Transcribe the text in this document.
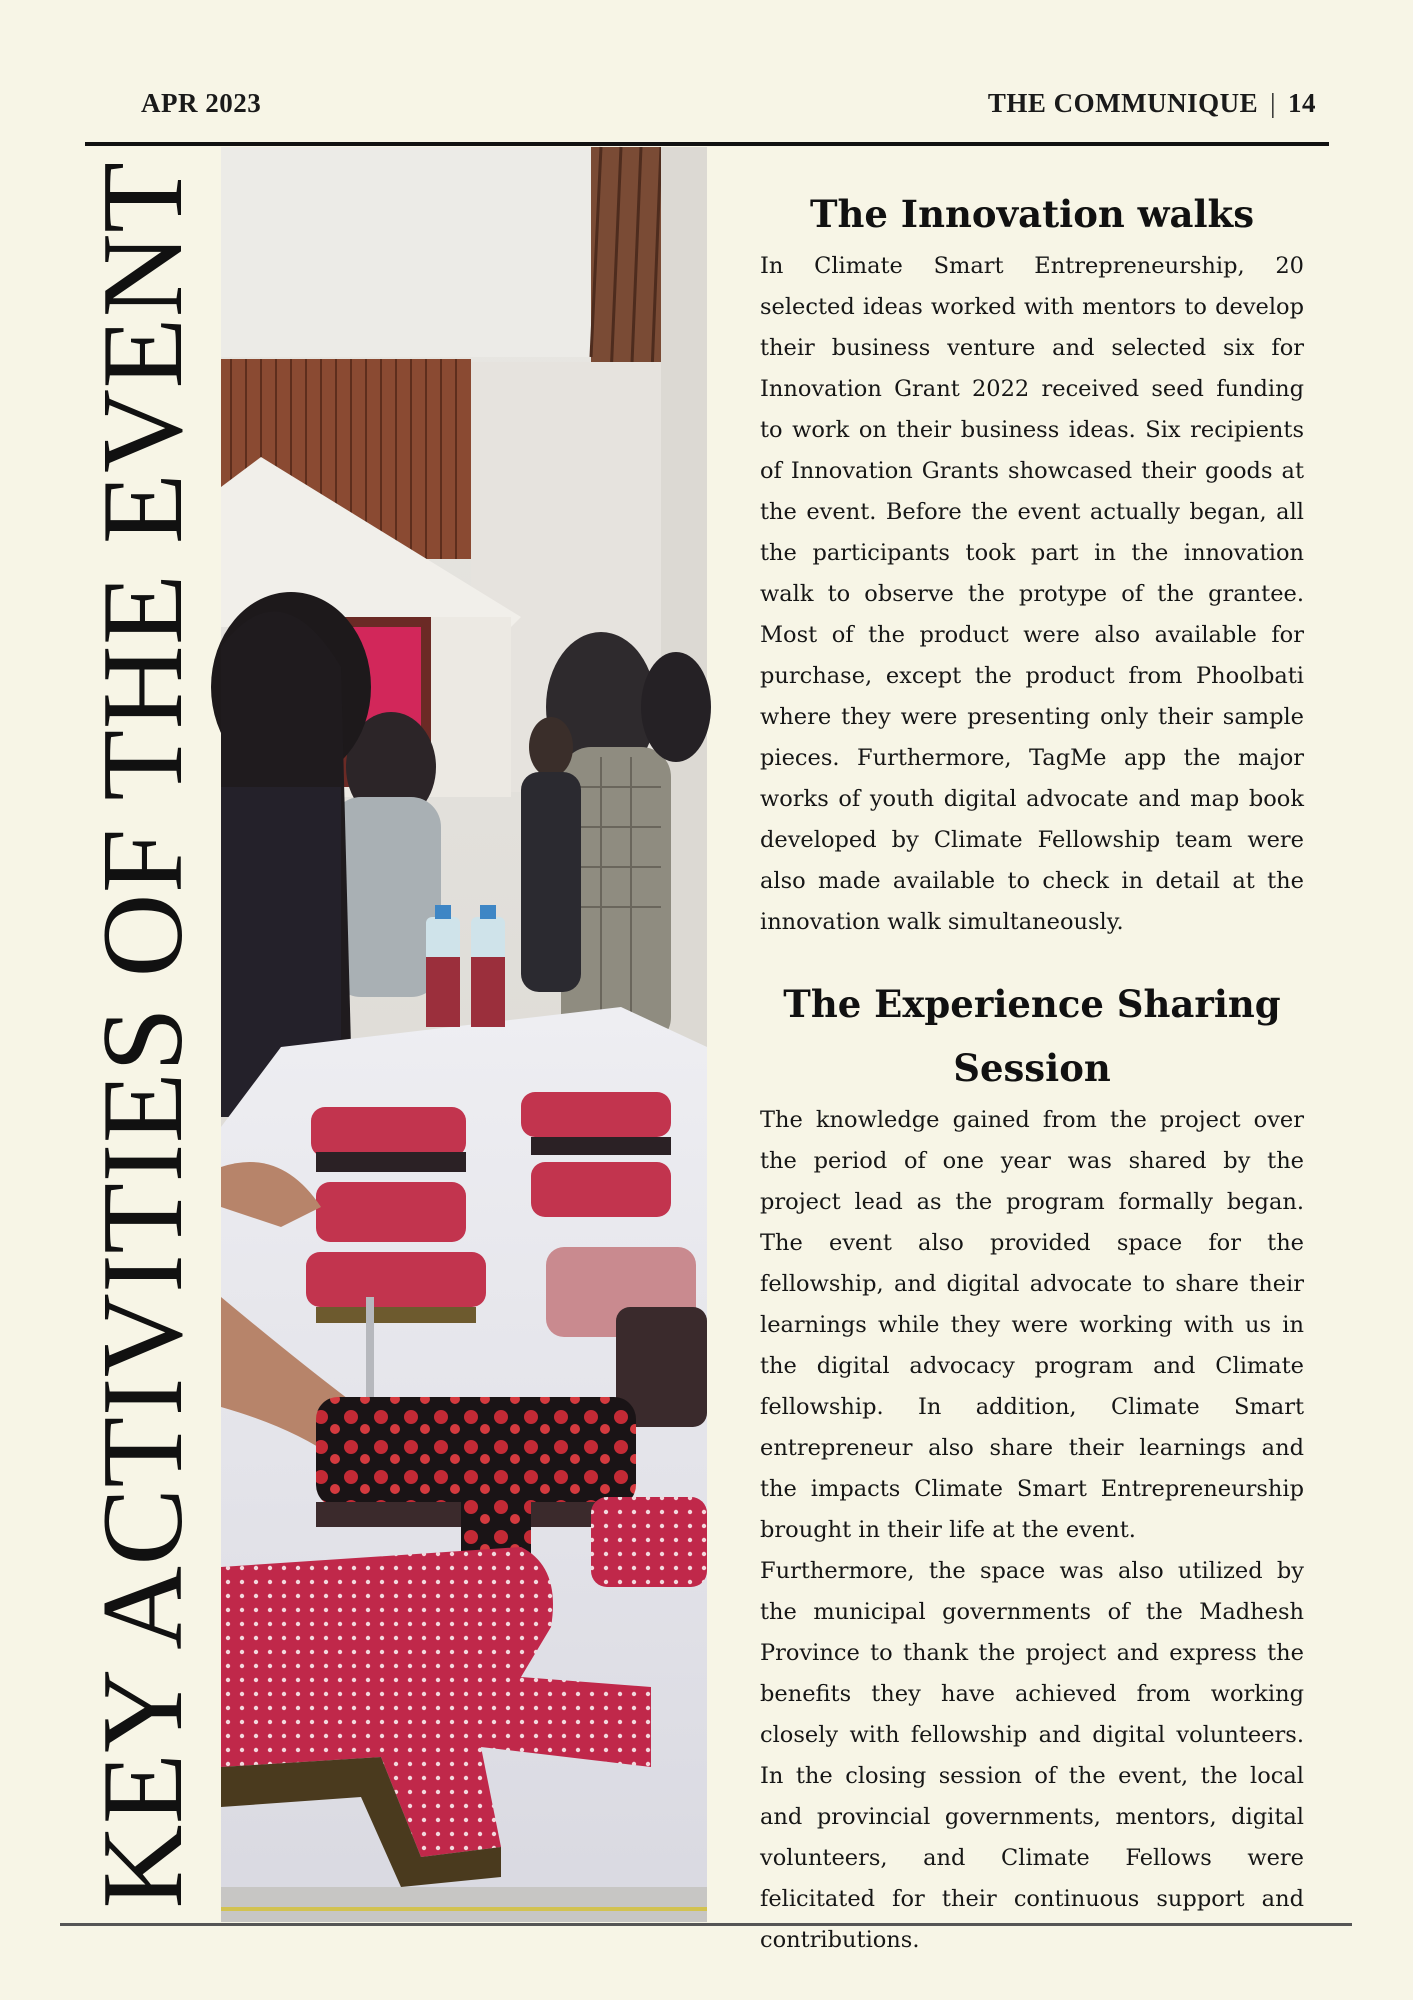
APR 2023	THE COMMUNIQUE | 14
KEY ACTIVITIES OF THE EVENT	The Innovation walks

In Climate Smart Entrepreneurship, 20 selected ideas worked with mentors to develop their business venture and selected six for Innovation Grant 2022 received seed funding to work on their business ideas. Six recipients of Innovation Grants showcased their goods at the event. Before the event actually began, all the participants took part in the innovation walk to observe the protype of the grantee. Most of the product were also available for purchase, except the product from Phoolbati where they were presenting only their sample pieces. Furthermore, TagMe app the major works of youth digital advocate and map book developed by Climate Fellowship team were also made available to check in detail at the innovation walk simultaneously.

The Experience Sharing Session

The knowledge gained from the project over the period of one year was shared by the project lead as the program formally began. The event also provided space for the fellowship, and digital advocate to share their learnings while they were working with us in the digital advocacy program and Climate fellowship. In addition, Climate Smart entrepreneur also share their learnings and the impacts Climate Smart Entrepreneurship brought in their life at the event.

Furthermore, the space was also utilized by the municipal governments of the Madhesh Province to thank the project and express the benefits they have achieved from working closely with fellowship and digital volunteers. In the closing session of the event, the local and provincial governments, mentors, digital volunteers, and Climate Fellows were felicitated for their continuous support and contributions.
